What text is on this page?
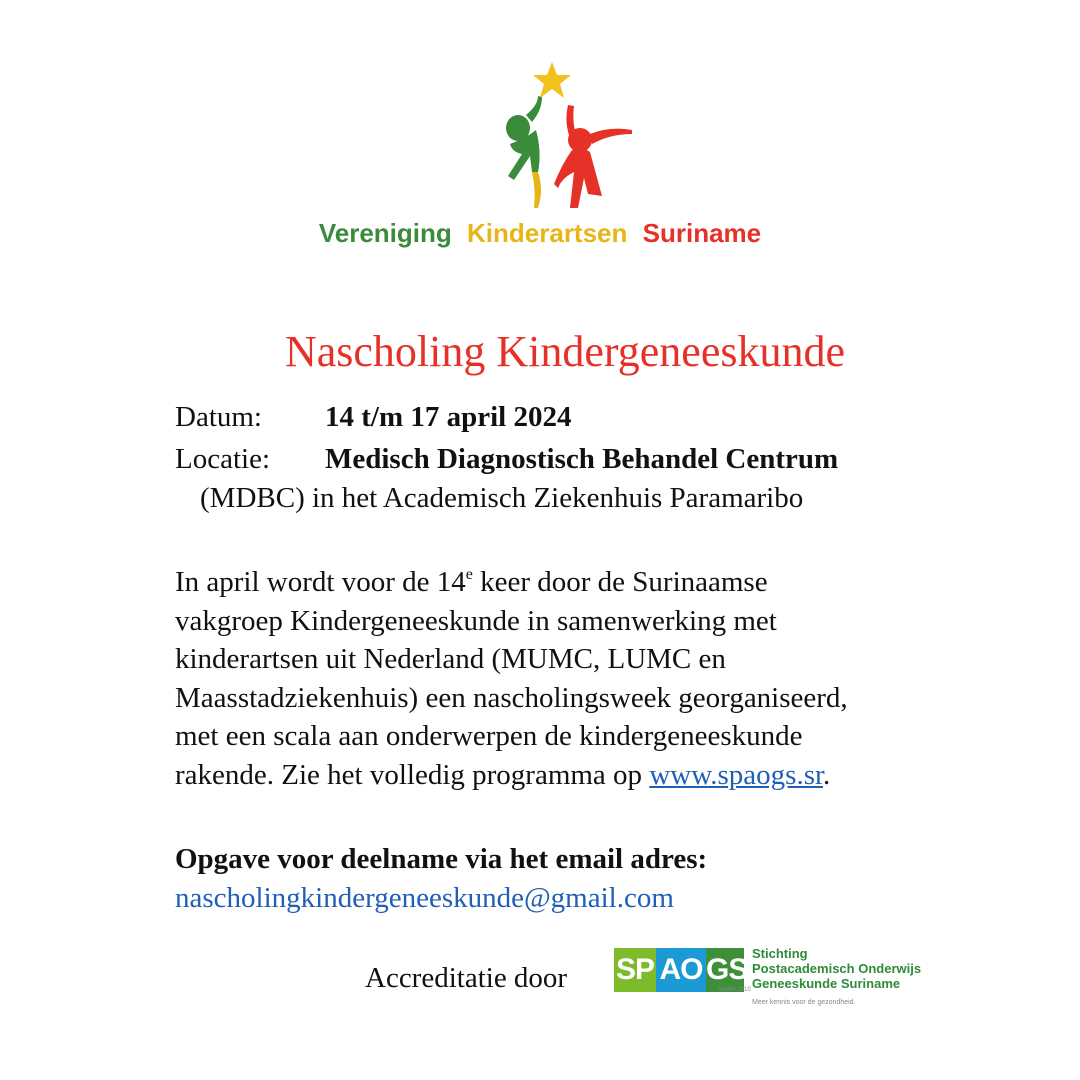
Vereniging Kinderartsen Suriname
Nascholing Kindergeneeskunde
Datum: 14 t/m 17 april 2024
Locatie: Medisch Diagnostisch Behandel Centrum
(MDBC) in het Academisch Ziekenhuis Paramaribo

In april wordt voor de 14e keer door de Surinaamse

vakgroep Kindergeneeskunde in samenwerking met

kinderartsen uit Nederland (MUMC, LUMC en

Maasstadziekenhuis) een nascholingsweek georganiseerd,

met een scala aan onderwerpen de kindergeneeskunde

rakende. Zie het volledig programma op www.spaogs.sr.

Opgave voor deelname via het email adres:
nascholingkindergeneeskunde@gmail.com
Accreditatie door SP AO GS
Sedert 2010
Stichting
Postacademisch Onderwijs
Geneeskunde Suriname
Meer kennis voor de gezondheid.
